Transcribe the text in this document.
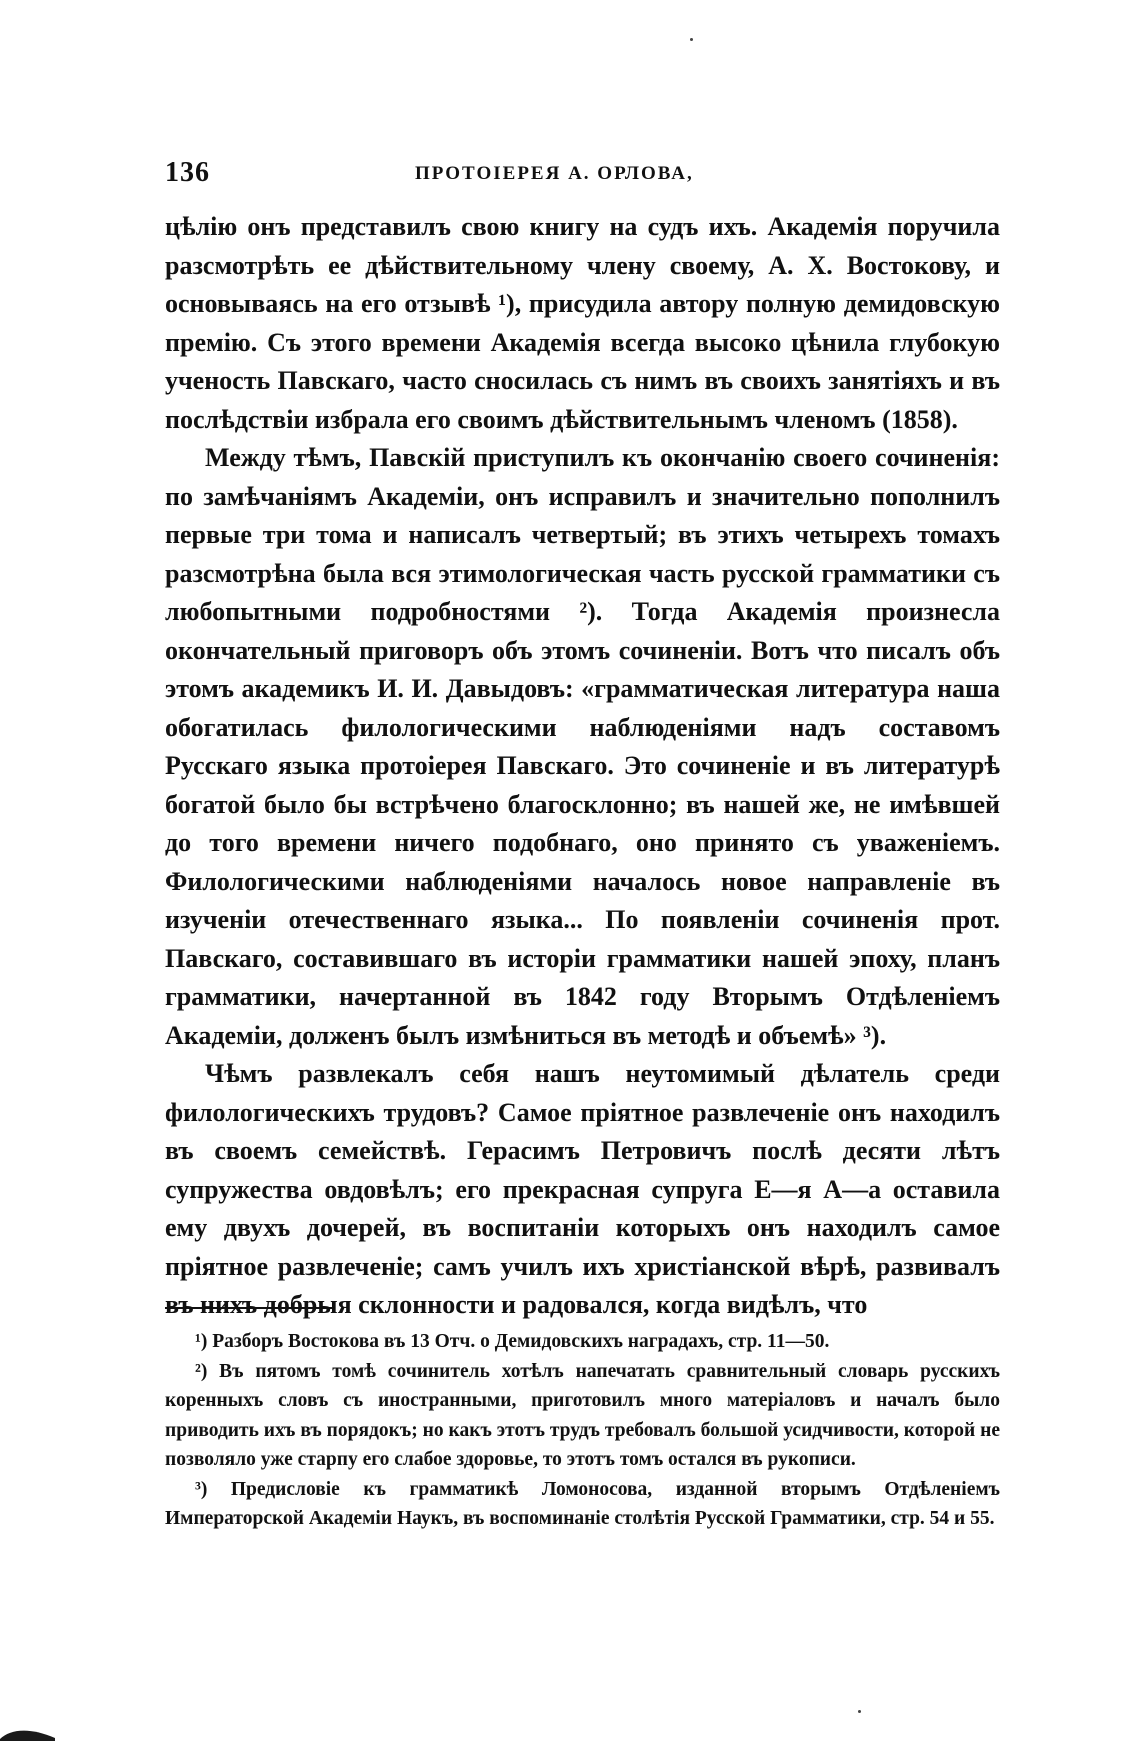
136	ПРОТОІЕРЕЯ А. ОРЛОВА,

цѣлію онъ представилъ свою книгу на судъ ихъ. Академія поручила разсмотрѣть ее дѣйствительному члену своему, А. Х. Востокову, и основываясь на его отзывѣ ¹), присудила автору полную демидовскую премію. Съ этого времени Академія всегда высоко цѣнила глубокую ученость Павскаго, часто сносилась съ нимъ въ своихъ занятіяхъ и въ послѣдствіи избрала его своимъ дѣйствительнымъ членомъ (1858).

Между тѣмъ, Павскій приступилъ къ окончанію своего сочиненія: по замѣчаніямъ Академіи, онъ исправилъ и значительно пополнилъ первые три тома и написалъ четвертый; въ этихъ четырехъ томахъ разсмотрѣна была вся этимологическая часть русской грамматики съ любопытными подробностями ²). Тогда Академія произнесла окончательный приговоръ объ этомъ сочиненіи. Вотъ что писалъ объ этомъ академикъ И. И. Давыдовъ: «грамматическая литература наша обогатилась филологическими наблюденіями надъ составомъ Русскаго языка протоіерея Павскаго. Это сочиненіе и въ литературѣ богатой было бы встрѣчено благосклонно; въ нашей же, не имѣвшей до того времени ничего подобнаго, оно принято съ уваженіемъ. Филологическими наблюденіями началось новое направленіе въ изученіи отечественнаго языка... По появленіи сочиненія прот. Павскаго, составившаго въ исторіи грамматики нашей эпоху, планъ грамматики, начертанной въ 1842 году Вторымъ Отдѣленіемъ Академіи, долженъ былъ измѣниться въ методѣ и объемѣ» ³).

Чѣмъ развлекалъ себя нашъ неутомимый дѣлатель среди филологическихъ трудовъ? Самое пріятное развлеченіе онъ находилъ въ своемъ семействѣ. Герасимъ Петровичъ послѣ десяти лѣтъ супружества овдовѣлъ; его прекрасная супруга Е—я А—а оставила ему двухъ дочерей, въ воспитаніи которыхъ онъ находилъ самое пріятное развлеченіе; самъ училъ ихъ христіанской вѣрѣ, развивалъ въ нихъ добрыя склонности и радовался, когда видѣлъ, что

¹) Разборъ Востокова въ 13 Отч. о Демидовскихъ наградахъ, стр. 11—50.

²) Въ пятомъ томѣ сочинитель хотѣлъ напечатать сравнительный словарь русскихъ коренныхъ словъ съ иностранными, приготовилъ много матеріаловъ и началъ было приводить ихъ въ порядокъ; но какъ этотъ трудъ требовалъ большой усидчивости, которой не позволяло уже старпу его слабое здоровье, то этотъ томъ остался въ рукописи.

³) Предисловіе къ грамматикѣ Ломоносова, изданной вторымъ Отдѣленіемъ Императорской Академіи Наукъ, въ воспоминаніе столѣтія Русской Грамматики, стр. 54 и 55.
